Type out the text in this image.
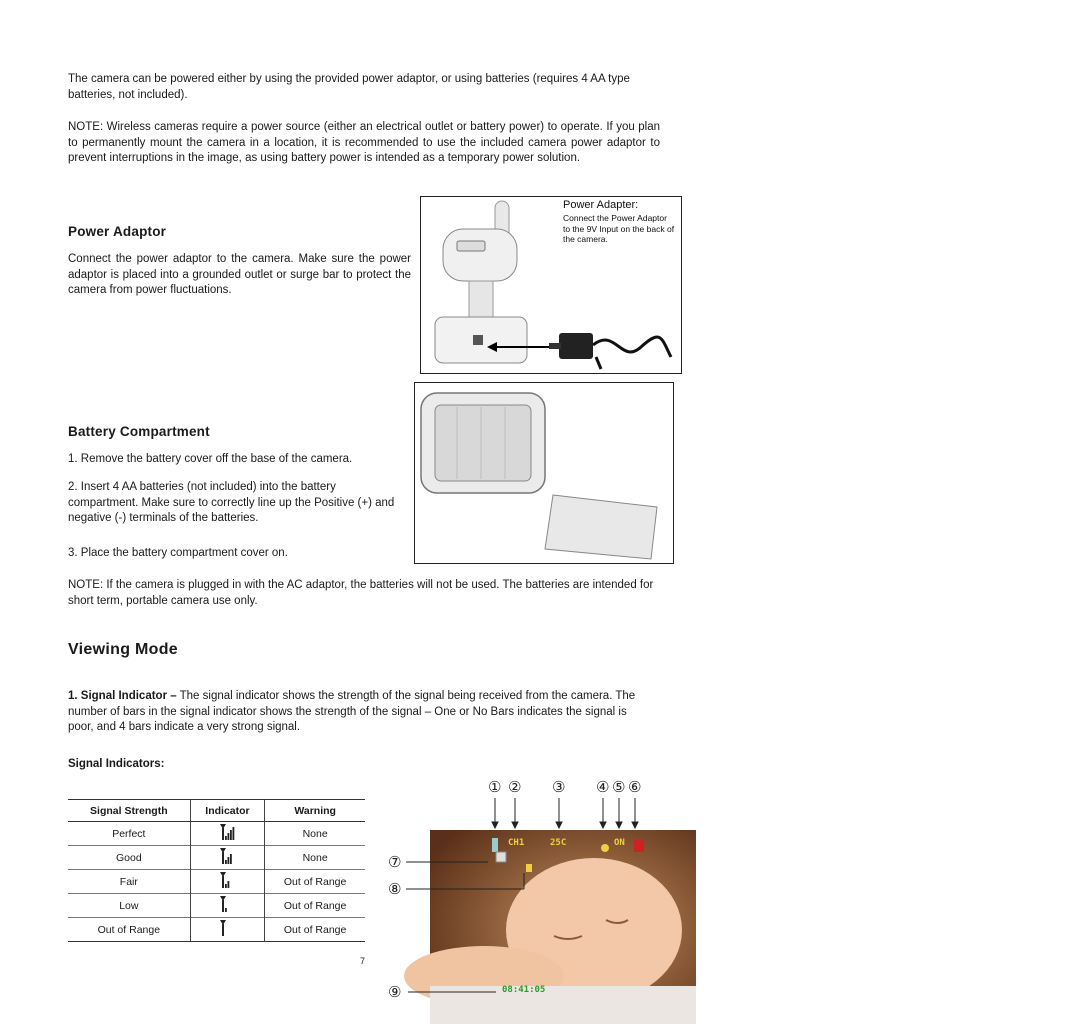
The camera can be powered either by using the provided power adaptor, or using batteries (requires 4 AA type batteries, not included).

NOTE: Wireless cameras require a power source (either an electrical outlet or battery power) to operate. If you plan to permanently mount the camera in a location, it is recommended to use the included camera power adaptor to prevent interruptions in the image, as using battery power is intended as a temporary power solution.

Power Adaptor

Connect the power adaptor to the camera. Make sure the power adaptor is placed into a grounded outlet or surge bar to protect the camera from power fluctuations.

Power Adapter:
Connect the Power Adaptor to the 9V Input on the back of the camera.
Battery Compartment

1. Remove the battery cover off the base of the camera.

2. Insert 4 AA batteries (not included) into the battery compartment. Make sure to correctly line up the Positive (+) and negative (-) terminals of the batteries.

3. Place the battery compartment cover on.

NOTE: If the camera is plugged in with the AC adaptor, the batteries will not be used. The batteries are intended for short term, portable camera use only.

Viewing Mode

1. Signal Indicator – The signal indicator shows the strength of the signal being received from the camera. The number of bars in the signal indicator shows the strength of the signal – One or No Bars indicates the signal is poor, and 4 bars indicate a very strong signal.

Signal Indicators:

Signal Strength	Indicator	Warning
Perfect		None
Good		None
Fair		Out of Range
Low		Out of Range
Out of Range		Out of Range
7
① ② ③ ④ ⑤ ⑥
CH1	25C	ON
08:41:05
⑦
⑧
⑨
